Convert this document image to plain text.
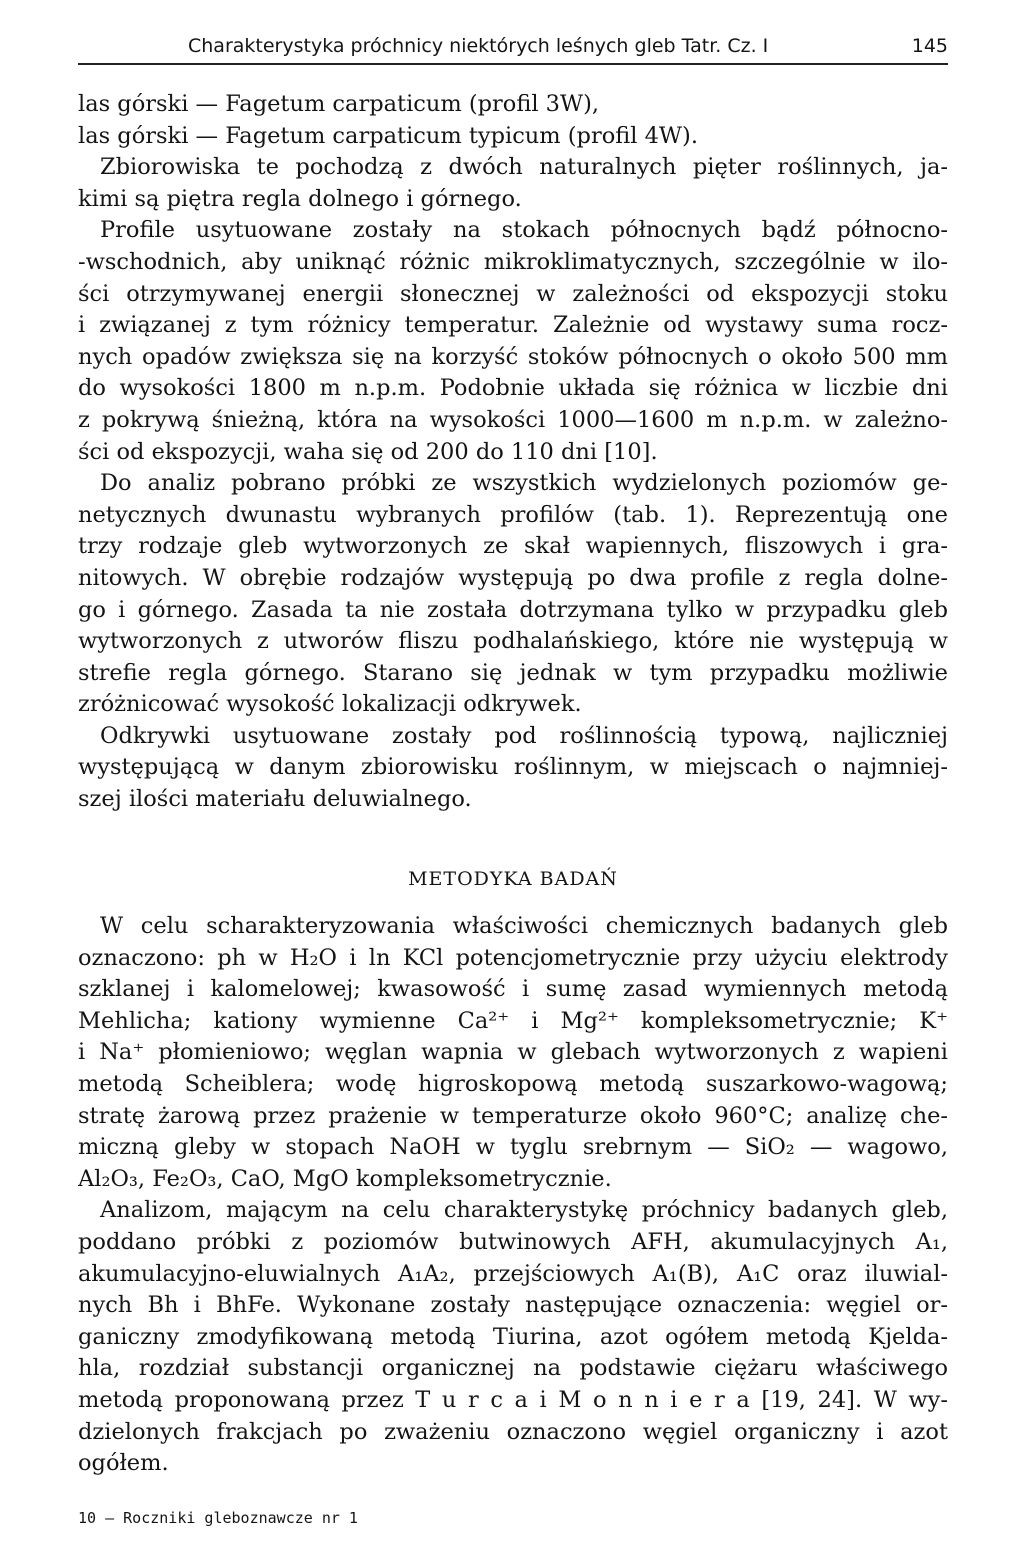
Charakterystyka próchnicy niektórych leśnych gleb Tatr. Cz. I	145
las górski — Fagetum carpaticum (profil 3W),
las górski — Fagetum carpaticum typicum (profil 4W).
Zbiorowiska te pochodzą z dwóch naturalnych pięter roślinnych, ja-
kimi są piętra regla dolnego i górnego.
Profile usytuowane zostały na stokach północnych bądź północno-
-wschodnich, aby uniknąć różnic mikroklimatycznych, szczególnie w ilo-
ści otrzymywanej energii słonecznej w zależności od ekspozycji stoku
i związanej z tym różnicy temperatur. Zależnie od wystawy suma rocz-
nych opadów zwiększa się na korzyść stoków północnych o około 500 mm
do wysokości 1800 m n.p.m. Podobnie układa się różnica w liczbie dni
z pokrywą śnieżną, która na wysokości 1000—1600 m n.p.m. w zależno-
ści od ekspozycji, waha się od 200 do 110 dni [10].
Do analiz pobrano próbki ze wszystkich wydzielonych poziomów ge-
netycznych dwunastu wybranych profilów (tab. 1). Reprezentują one
trzy rodzaje gleb wytworzonych ze skał wapiennych, fliszowych i gra-
nitowych. W obrębie rodzajów występują po dwa profile z regla dolne-
go i górnego. Zasada ta nie została dotrzymana tylko w przypadku gleb
wytworzonych z utworów fliszu podhalańskiego, które nie występują w
strefie regla górnego. Starano się jednak w tym przypadku możliwie
zróżnicować wysokość lokalizacji odkrywek.
Odkrywki usytuowane zostały pod roślinnością typową, najliczniej
występującą w danym zbiorowisku roślinnym, w miejscach o najmniej-
szej ilości materiału deluwialnego.
METODYKA BADAŃ
W celu scharakteryzowania właściwości chemicznych badanych gleb
oznaczono: ph w H₂O i ln KCl potencjometrycznie przy użyciu elektrody
szklanej i kalomelowej; kwasowość i sumę zasad wymiennych metodą
Mehlicha; kationy wymienne Ca²⁺ i Mg²⁺ kompleksometrycznie; K⁺
i Na⁺ płomieniowo; węglan wapnia w glebach wytworzonych z wapieni
metodą Scheiblera; wodę higroskopową metodą suszarkowo-wagową;
stratę żarową przez prażenie w temperaturze około 960°C; analizę che-
miczną gleby w stopach NaOH w tyglu srebrnym — SiO₂ — wagowo,
Al₂O₃, Fe₂O₃, CaO, MgO kompleksometrycznie.
Analizom, mającym na celu charakterystykę próchnicy badanych gleb,
poddano próbki z poziomów butwinowych AFH, akumulacyjnych A₁,
akumulacyjno-eluwialnych A₁A₂, przejściowych A₁(B), A₁C oraz iluwial-
nych Bh i BhFe. Wykonane zostały następujące oznaczenia: węgiel or-
ganiczny zmodyfikowaną metodą Tiurina, azot ogółem metodą Kjelda-
hla, rozdział substancji organicznej na podstawie ciężaru właściwego
metodą proponowaną przez T u r c a i M o n n i e r a [19, 24]. W wy-
dzielonych frakcjach po zważeniu oznaczono węgiel organiczny i azot
ogółem.
10 — Roczniki gleboznawcze nr 1
